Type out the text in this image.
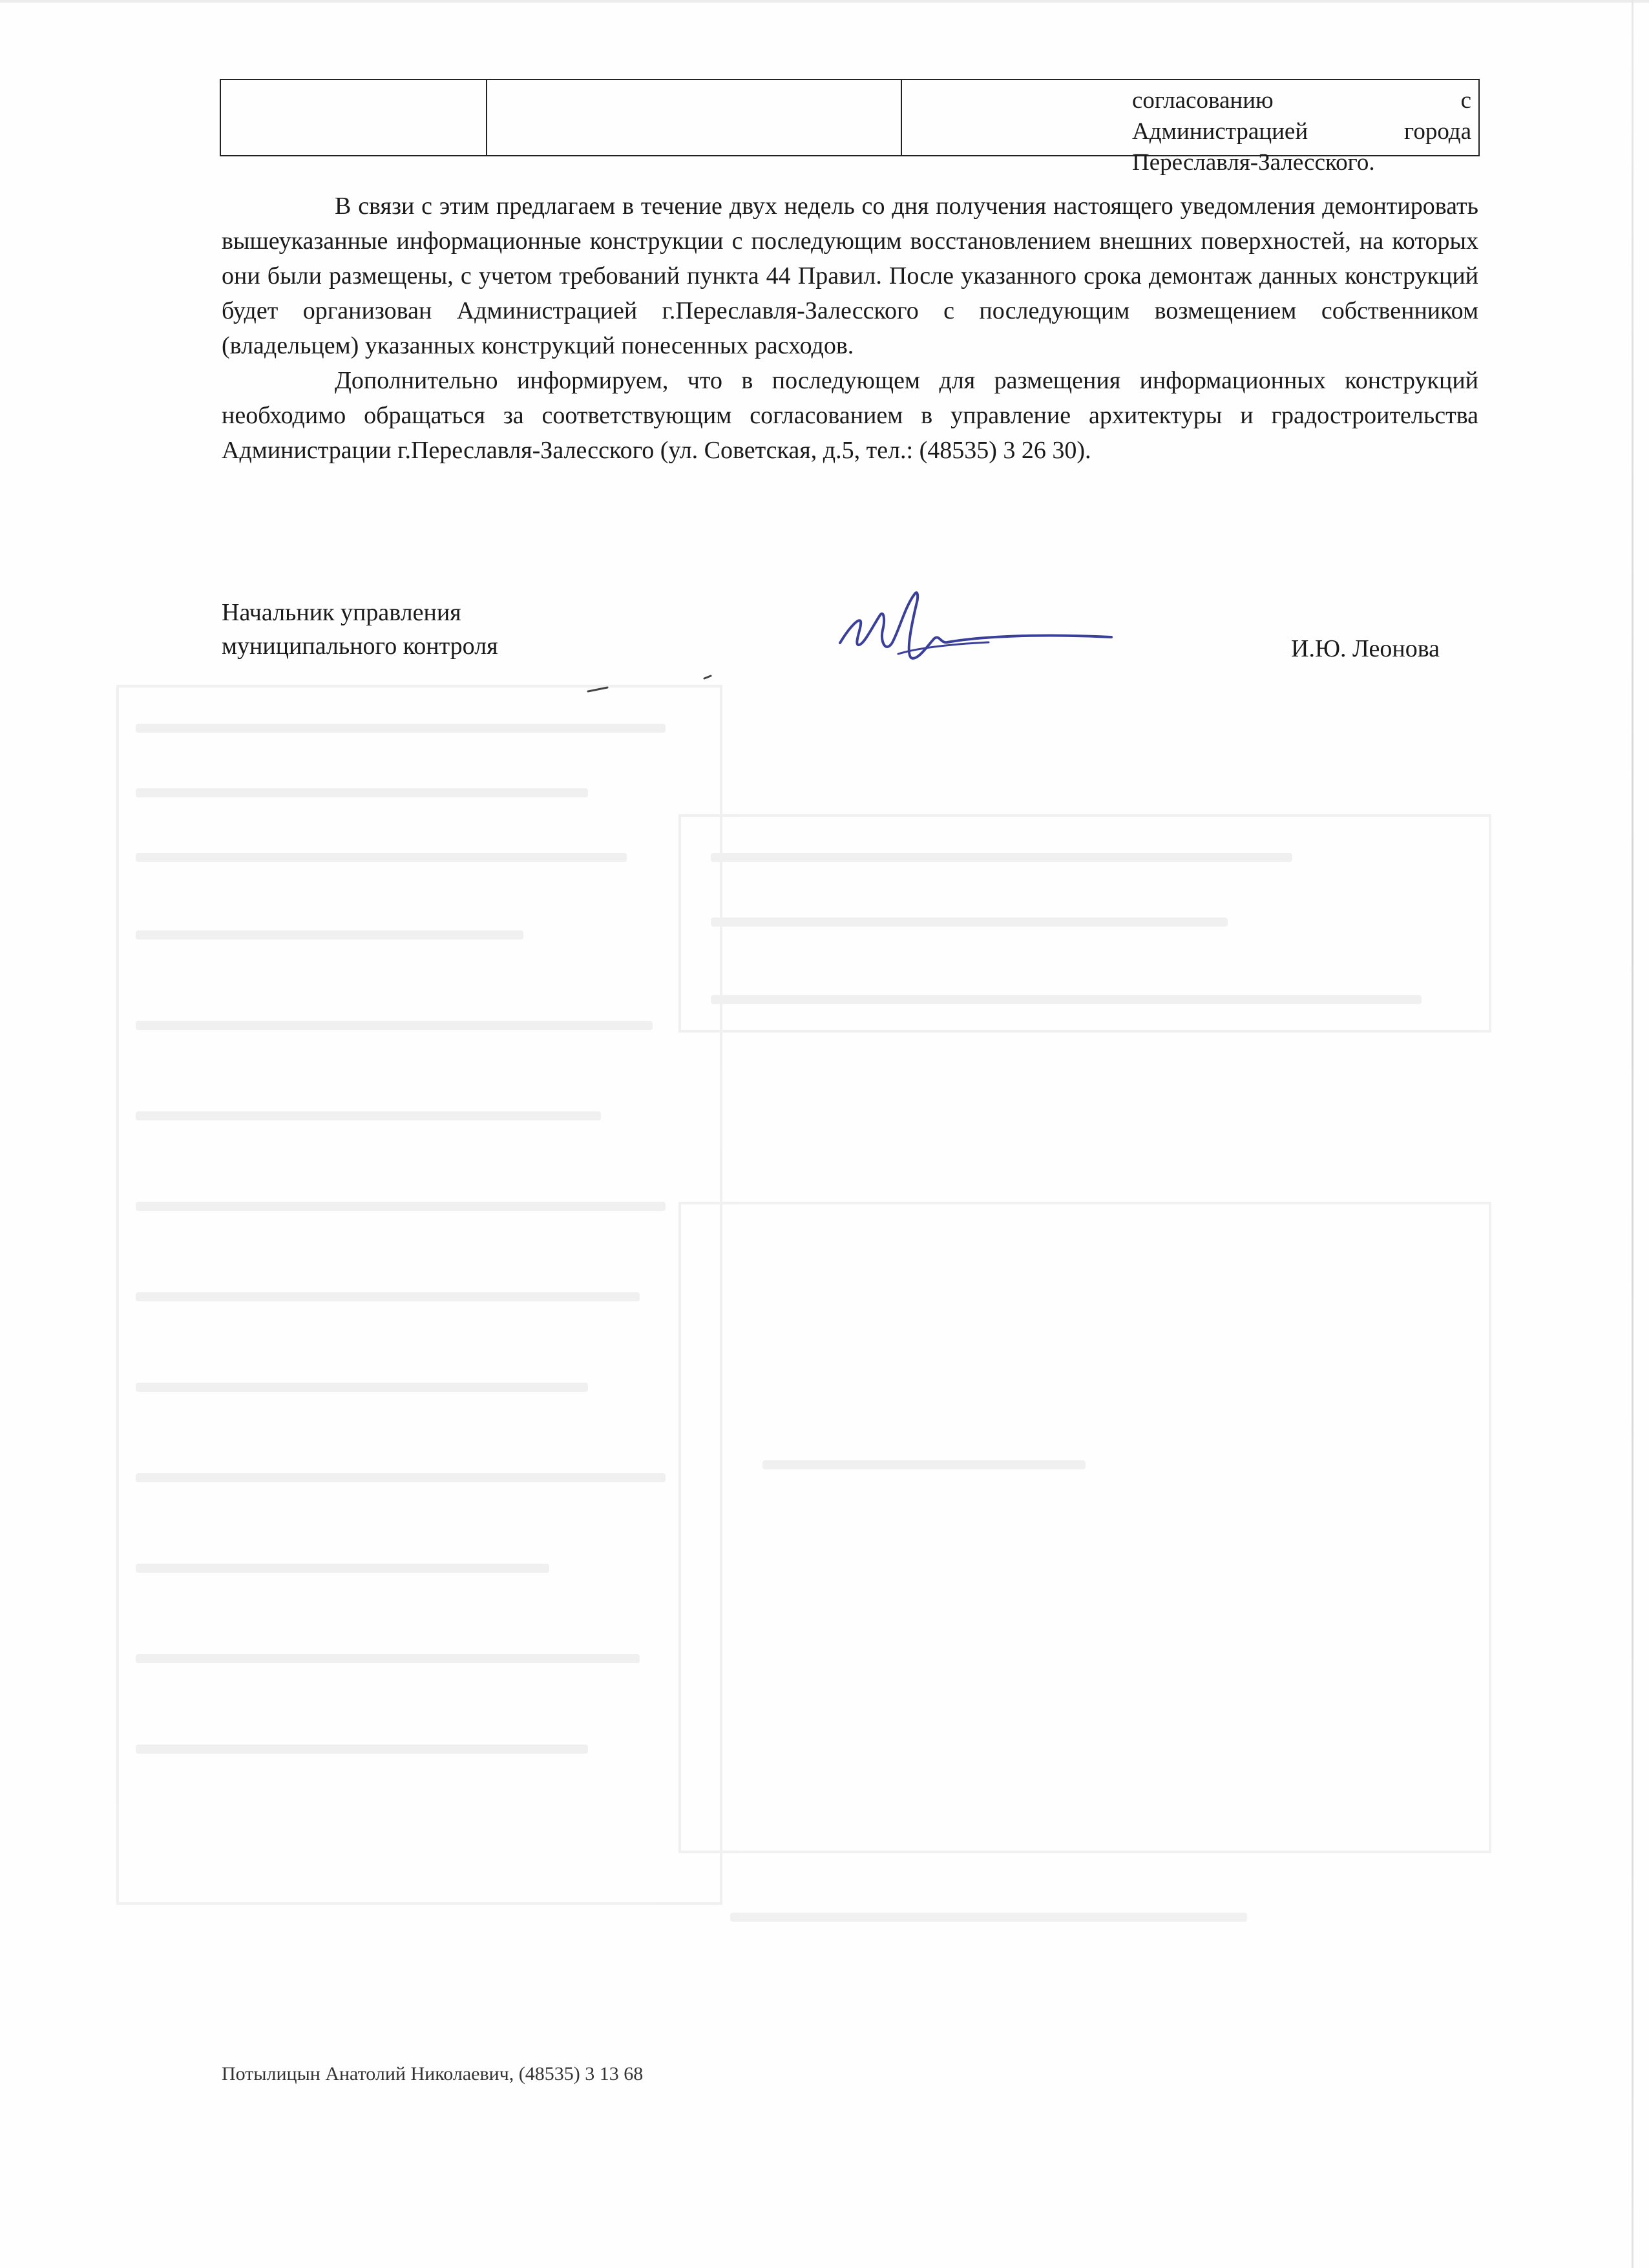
согласованию с Администрацией города Переславля-Залесского.

В связи с этим предлагаем в течение двух недель со дня получения настоящего уведомления демонтировать вышеуказанные информационные конструкции с последующим восстановлением внешних поверхностей, на которых они были размещены, с учетом требований пункта 44 Правил. После указанного срока демонтаж данных конструкций будет организован Администрацией г.Переславля-Залесского с последующим возмещением собственником (владельцем) указанных конструкций понесенных расходов.

Дополнительно информируем, что в последующем для размещения информационных конструкций необходимо обращаться за соответствующим согласованием в управление архитектуры и градостроительства Администрации г.Переславля-Залесского (ул. Советская, д.5, тел.: (48535) 3 26 30).

Начальник управления
муниципального контроля	И.Ю. Леонова
Потылицын Анатолий Николаевич, (48535) 3 13 68
